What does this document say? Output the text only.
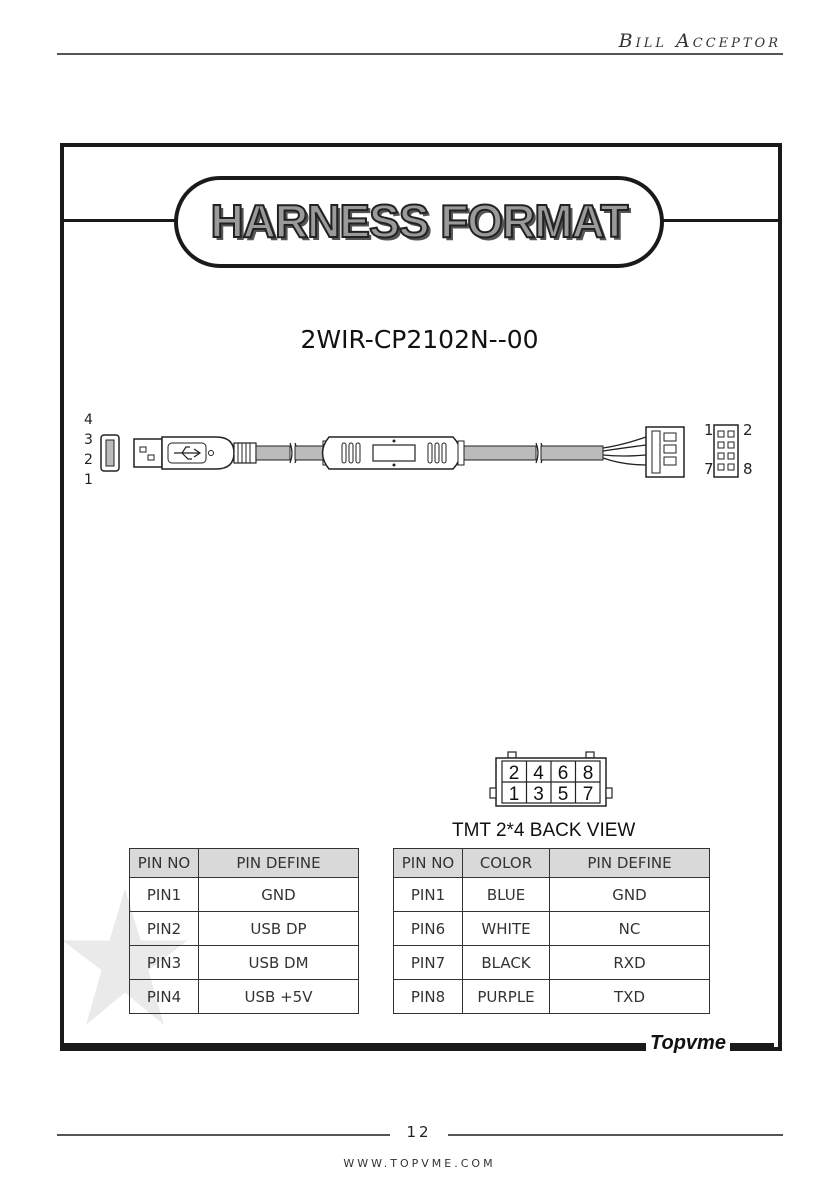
Bill Acceptor
HARNESS FORMAT
2WIR-CP2102N--00
4
3
2
1
1 2
7 8
2 4 6 8
1 3 5 7
TMT 2*4 BACK VIEW
PIN NO	PIN DEFINE
PIN1	GND
PIN2	USB DP
PIN3	USB DM
PIN4	USB +5V
PIN NO	COLOR	PIN DEFINE
PIN1	BLUE	GND
PIN6	WHITE	NC
PIN7	BLACK	RXD
PIN8	PURPLE	TXD
Topvme
12
WWW.TOPVME.COM
